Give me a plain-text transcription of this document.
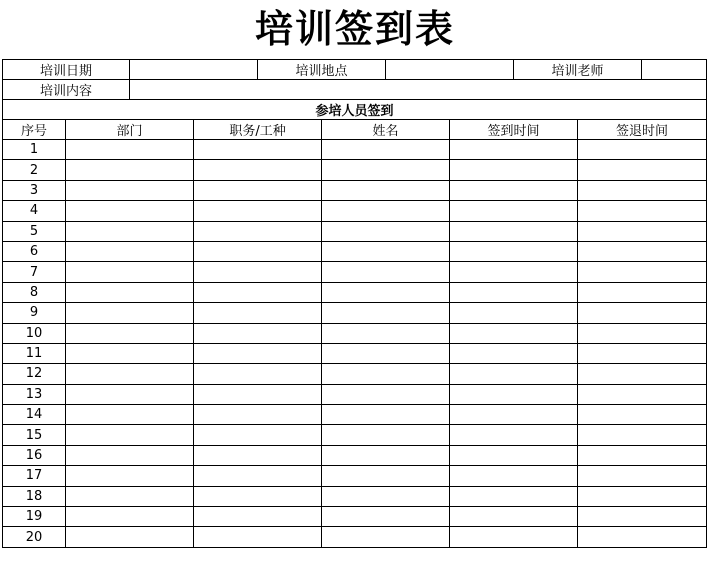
培训签到表
培训日期				培训地点				培训老师		
培训内容										
参培人员签到										
序号	部门		职务/工种		姓名		签到时间		签退时间	
1										
2										
3										
4										
5										
6										
7										
8										
9										
10										
11										
12										
13										
14										
15										
16										
17										
18										
19										
20										
